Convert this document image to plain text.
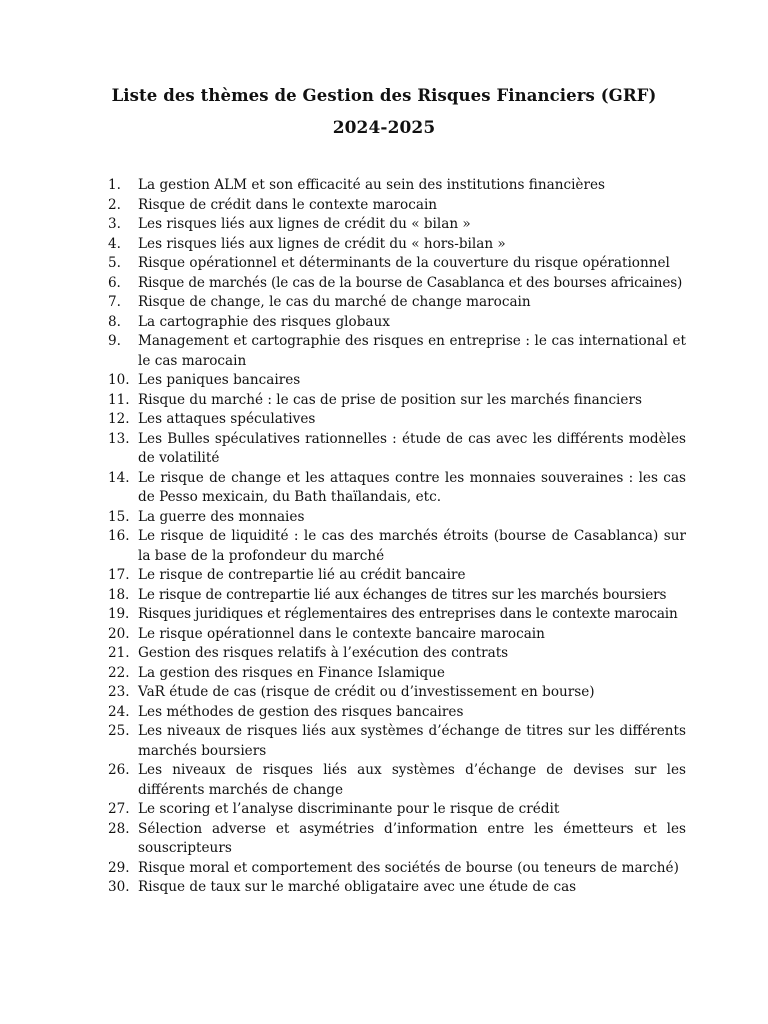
Liste des thèmes de Gestion des Risques Financiers (GRF)
2024-2025
1.	La gestion ALM et son efficacité au sein des institutions financières
2.	Risque de crédit dans le contexte marocain
3.	Les risques liés aux lignes de crédit du « bilan »
4.	Les risques liés aux lignes de crédit du « hors-bilan »
5.	Risque opérationnel et déterminants de la couverture du risque opérationnel
6.	Risque de marchés (le cas de la bourse de Casablanca et des bourses africaines)
7.	Risque de change, le cas du marché de change marocain
8.	La cartographie des risques globaux
9.	Management et cartographie des risques en entreprise : le cas international et le cas marocain
10. Les paniques bancaires
11. Risque du marché : le cas de prise de position sur les marchés financiers
12. Les attaques spéculatives
13. Les Bulles spéculatives rationnelles : étude de cas avec les différents modèles de volatilité
14. Le risque de change et les attaques contre les monnaies souveraines : les cas de Pesso mexicain, du Bath thaïlandais, etc.
15. La guerre des monnaies
16. Le risque de liquidité : le cas des marchés étroits (bourse de Casablanca) sur la base de la profondeur du marché
17. Le risque de contrepartie lié au crédit bancaire
18. Le risque de contrepartie lié aux échanges de titres sur les marchés boursiers
19. Risques juridiques et réglementaires des entreprises dans le contexte marocain
20. Le risque opérationnel dans le contexte bancaire marocain
21. Gestion des risques relatifs à l’exécution des contrats
22. La gestion des risques en Finance Islamique
23. VaR étude de cas (risque de crédit ou d’investissement en bourse)
24. Les méthodes de gestion des risques bancaires
25. Les niveaux de risques liés aux systèmes d’échange de titres sur les différents marchés boursiers
26. Les niveaux de risques liés aux systèmes d’échange de devises sur les différents marchés de change
27. Le scoring et l’analyse discriminante pour le risque de crédit
28. Sélection adverse et asymétries d’information entre les émetteurs et les souscripteurs
29. Risque moral et comportement des sociétés de bourse (ou teneurs de marché)
30. Risque de taux sur le marché obligataire avec une étude de cas
